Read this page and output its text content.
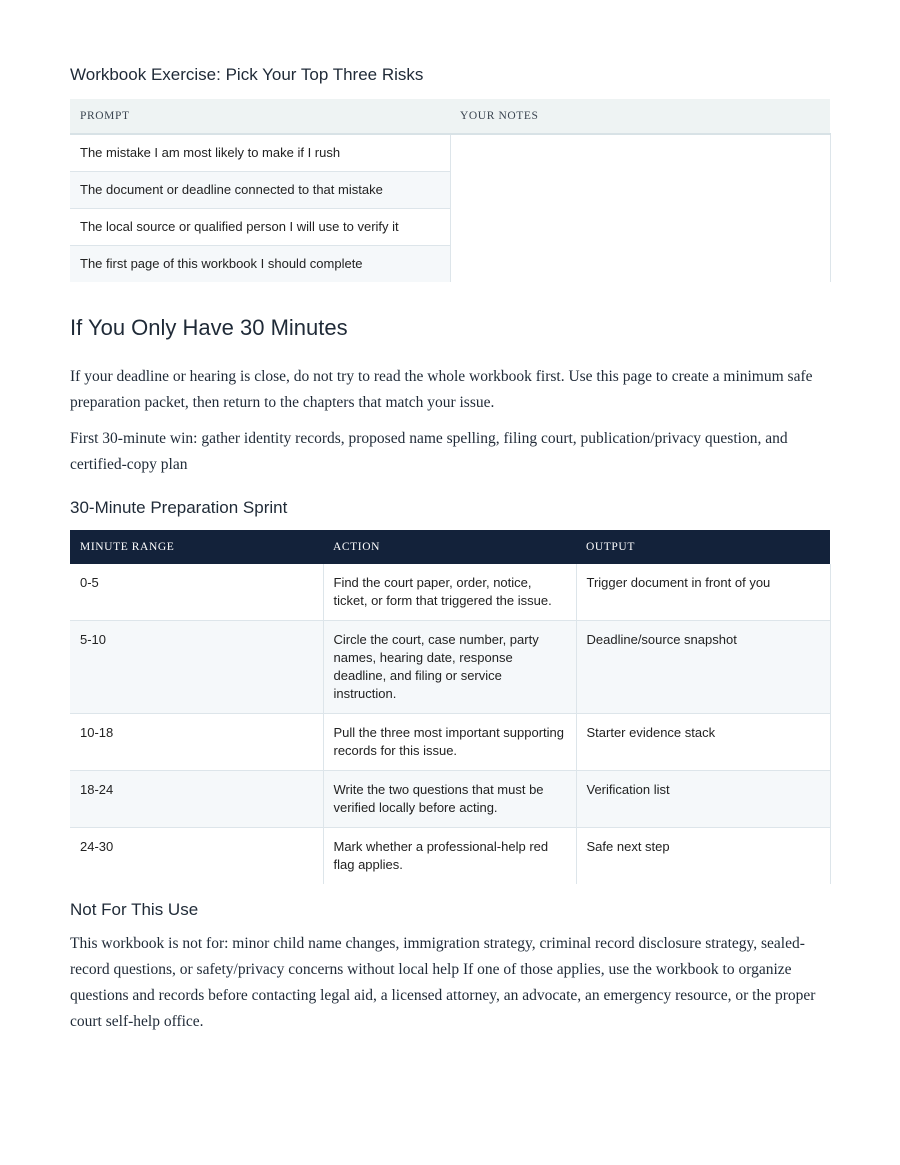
Workbook Exercise: Pick Your Top Three Risks
PROMPT	YOUR NOTES
The mistake I am most likely to make if I rush	
The document or deadline connected to that mistake	
The local source or qualified person I will use to verify it	
The first page of this workbook I should complete	
If You Only Have 30 Minutes

If your deadline or hearing is close, do not try to read the whole workbook first. Use this page to create a minimum safe preparation packet, then return to the chapters that match your issue.

First 30-minute win: gather identity records, proposed name spelling, filing court, publication/privacy question, and certified-copy plan

30-Minute Preparation Sprint
MINUTE RANGE	ACTION	OUTPUT
0-5	Find the court paper, order, notice, ticket, or form that triggered the issue.	Trigger document in front of you
5-10	Circle the court, case number, party names, hearing date, response deadline, and filing or service instruction.	Deadline/source snapshot
10-18	Pull the three most important supporting records for this issue.	Starter evidence stack
18-24	Write the two questions that must be verified locally before acting.	Verification list
24-30	Mark whether a professional-help red flag applies.	Safe next step
Not For This Use

This workbook is not for: minor child name changes, immigration strategy, criminal record disclosure strategy, sealed-record questions, or safety/privacy concerns without local help If one of those applies, use the workbook to organize questions and records before contacting legal aid, a licensed attorney, an advocate, an emergency resource, or the proper court self-help office.
